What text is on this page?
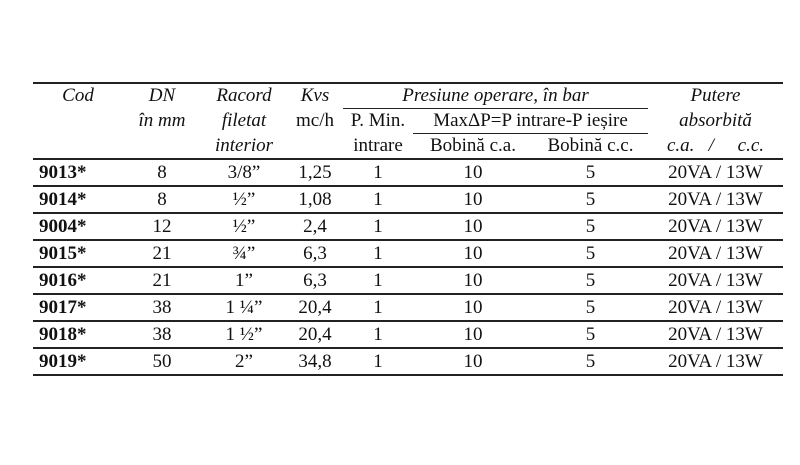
Cod	DN	Racord	Kvs	Presiune operare, în bar			Putere
	în mm	filetat	mc/h	P. Min.	MaxΔP=P intrare-P ieșire		absorbită
		interior		intrare	Bobină c.a.	Bobină c.c.	c.a.   /     c.c.
9013*	8	3/8”	1,25	1	10	5	20VA / 13W
9014*	8	½”	1,08	1	10	5	20VA / 13W
9004*	12	½”	2,4	1	10	5	20VA / 13W
9015*	21	¾”	6,3	1	10	5	20VA / 13W
9016*	21	1”	6,3	1	10	5	20VA / 13W
9017*	38	1 ¼”	20,4	1	10	5	20VA / 13W
9018*	38	1 ½”	20,4	1	10	5	20VA / 13W
9019*	50	2”	34,8	1	10	5	20VA / 13W
